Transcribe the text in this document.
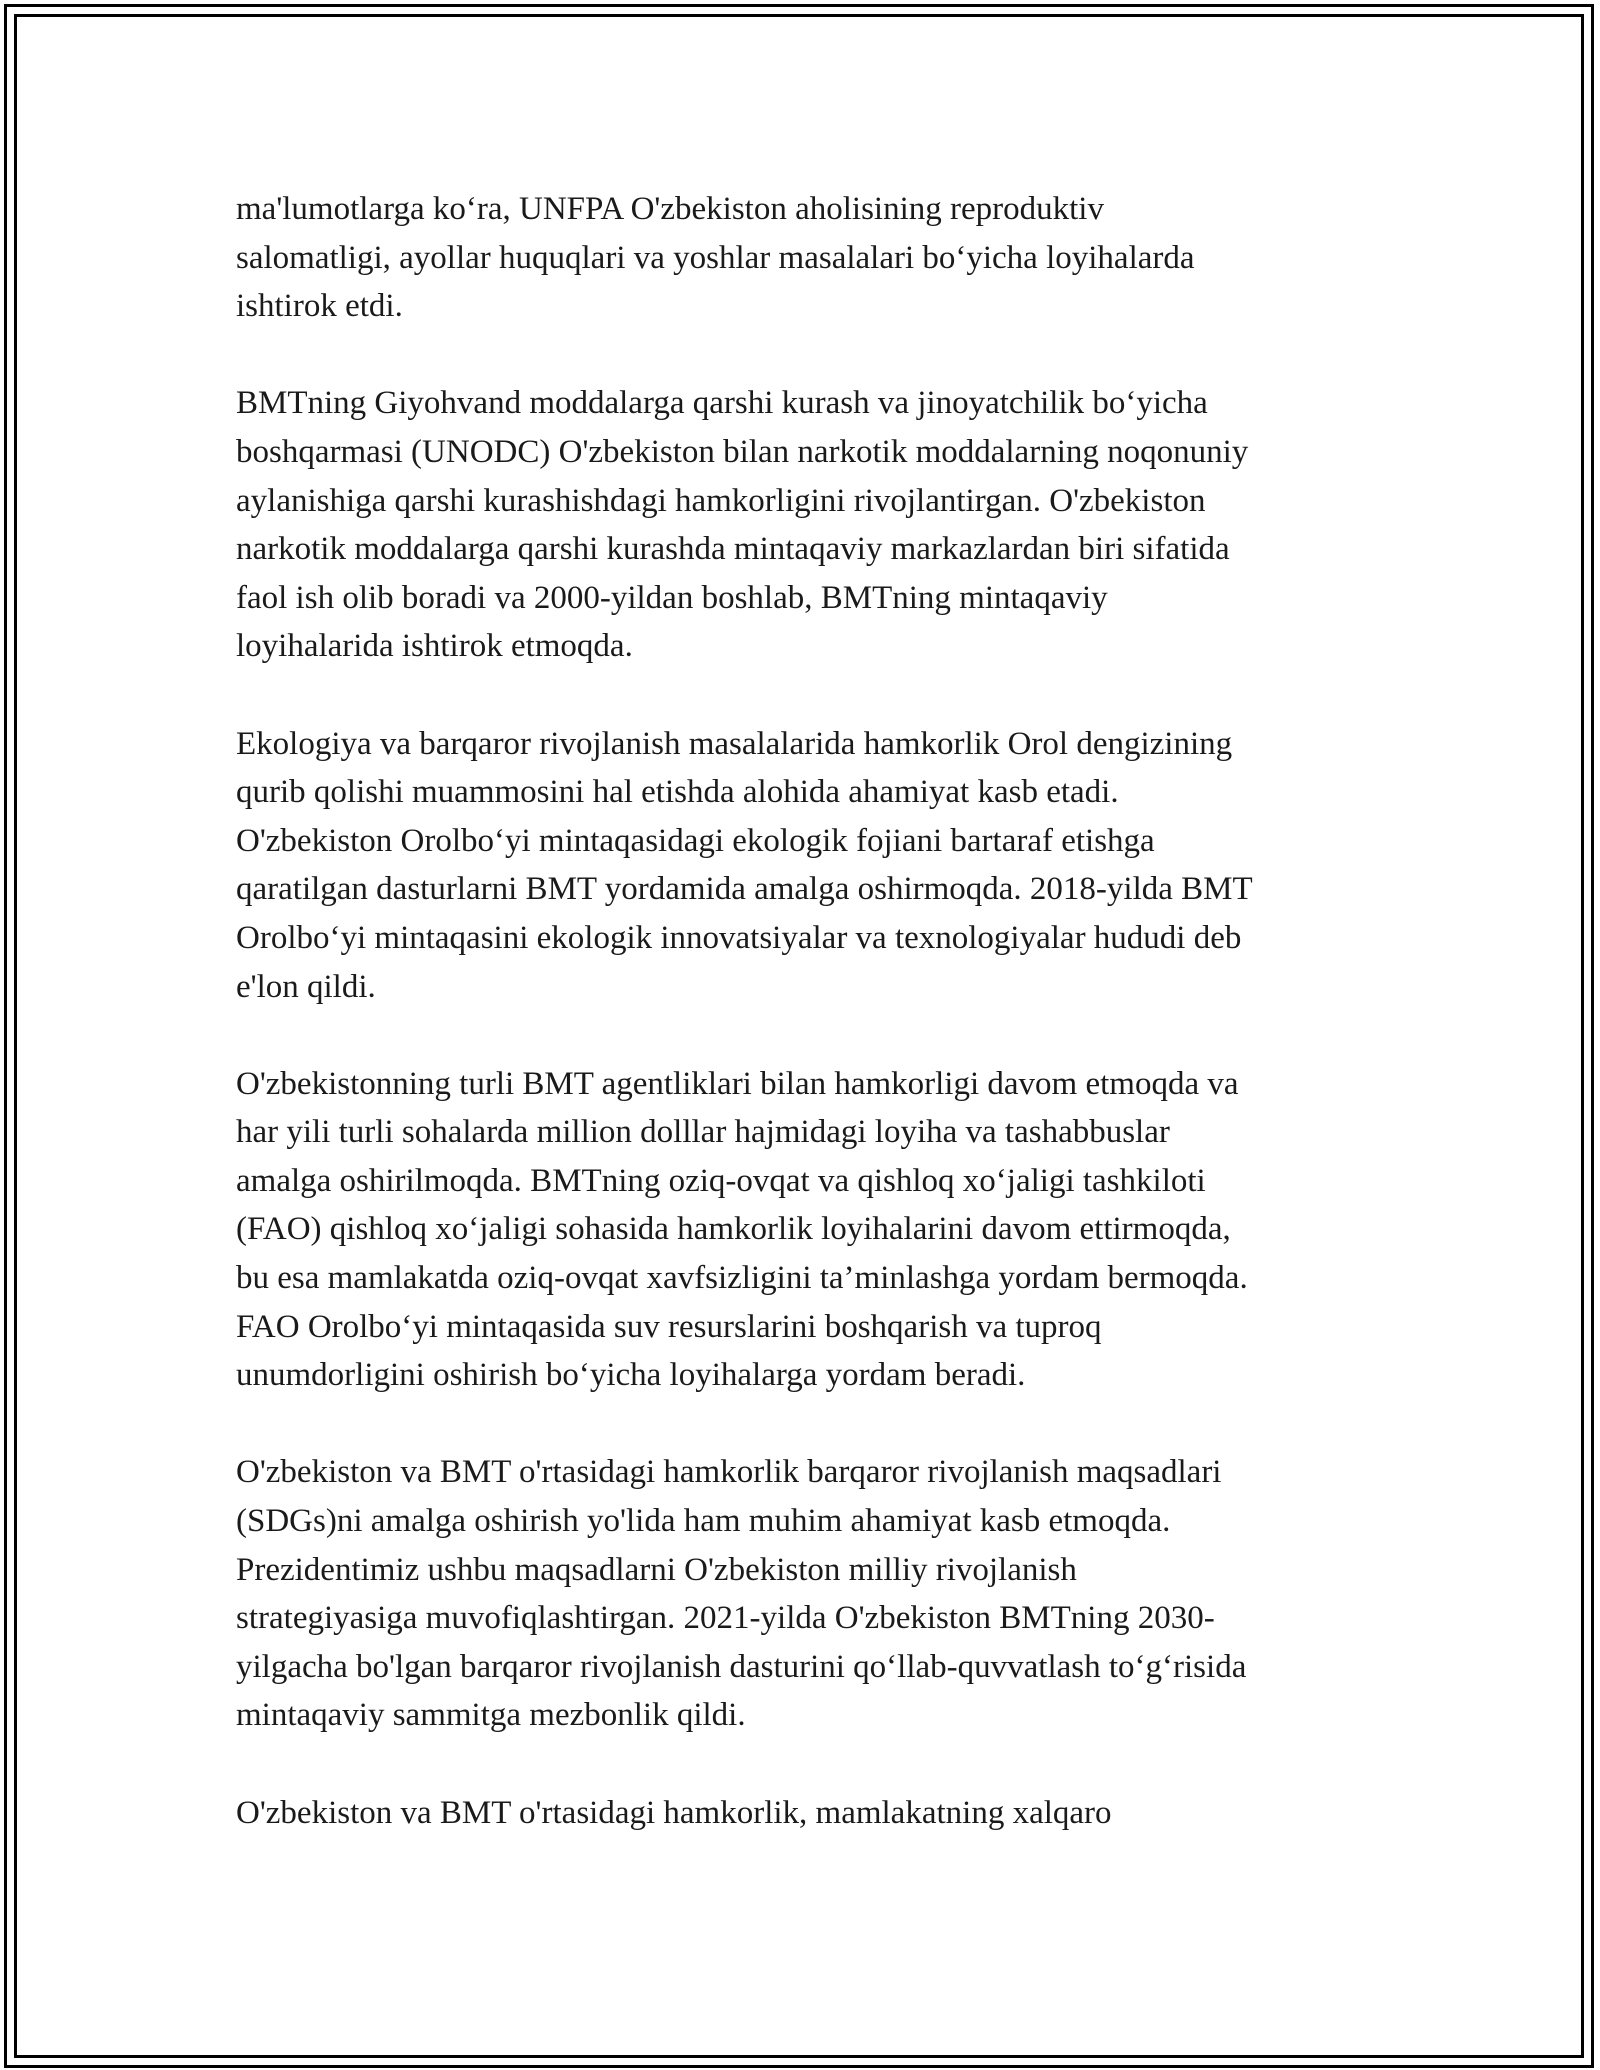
ma'lumotlarga ko‘ra, UNFPA O'zbekiston aholisining reproduktiv
salomatligi, ayollar huquqlari va yoshlar masalalari bo‘yicha loyihalarda
ishtirok etdi.

BMTning Giyohvand moddalarga qarshi kurash va jinoyatchilik bo‘yicha
boshqarmasi (UNODC) O'zbekiston bilan narkotik moddalarning noqonuniy
aylanishiga qarshi kurashishdagi hamkorligini rivojlantirgan. O'zbekiston
narkotik moddalarga qarshi kurashda mintaqaviy markazlardan biri sifatida
faol ish olib boradi va 2000-yildan boshlab, BMTning mintaqaviy
loyihalarida ishtirok etmoqda.

Ekologiya va barqaror rivojlanish masalalarida hamkorlik Orol dengizining
qurib qolishi muammosini hal etishda alohida ahamiyat kasb etadi.
O'zbekiston Orolbo‘yi mintaqasidagi ekologik fojiani bartaraf etishga
qaratilgan dasturlarni BMT yordamida amalga oshirmoqda. 2018-yilda BMT
Orolbo‘yi mintaqasini ekologik innovatsiyalar va texnologiyalar hududi deb
e'lon qildi.

O'zbekistonning turli BMT agentliklari bilan hamkorligi davom etmoqda va
har yili turli sohalarda million dolllar hajmidagi loyiha va tashabbuslar
amalga oshirilmoqda. BMTning oziq-ovqat va qishloq xo‘jaligi tashkiloti
(FAO) qishloq xo‘jaligi sohasida hamkorlik loyihalarini davom ettirmoqda,
bu esa mamlakatda oziq-ovqat xavfsizligini ta’minlashga yordam bermoqda.
FAO Orolbo‘yi mintaqasida suv resurslarini boshqarish va tuproq
unumdorligini oshirish bo‘yicha loyihalarga yordam beradi.

O'zbekiston va BMT o'rtasidagi hamkorlik barqaror rivojlanish maqsadlari
(SDGs)ni amalga oshirish yo'lida ham muhim ahamiyat kasb etmoqda.
Prezidentimiz ushbu maqsadlarni O'zbekiston milliy rivojlanish
strategiyasiga muvofiqlashtirgan. 2021-yilda O'zbekiston BMTning 2030-
yilgacha bo'lgan barqaror rivojlanish dasturini qo‘llab-quvvatlash to‘g‘risida
mintaqaviy sammitga mezbonlik qildi.

O'zbekiston va BMT o'rtasidagi hamkorlik, mamlakatning xalqaro
